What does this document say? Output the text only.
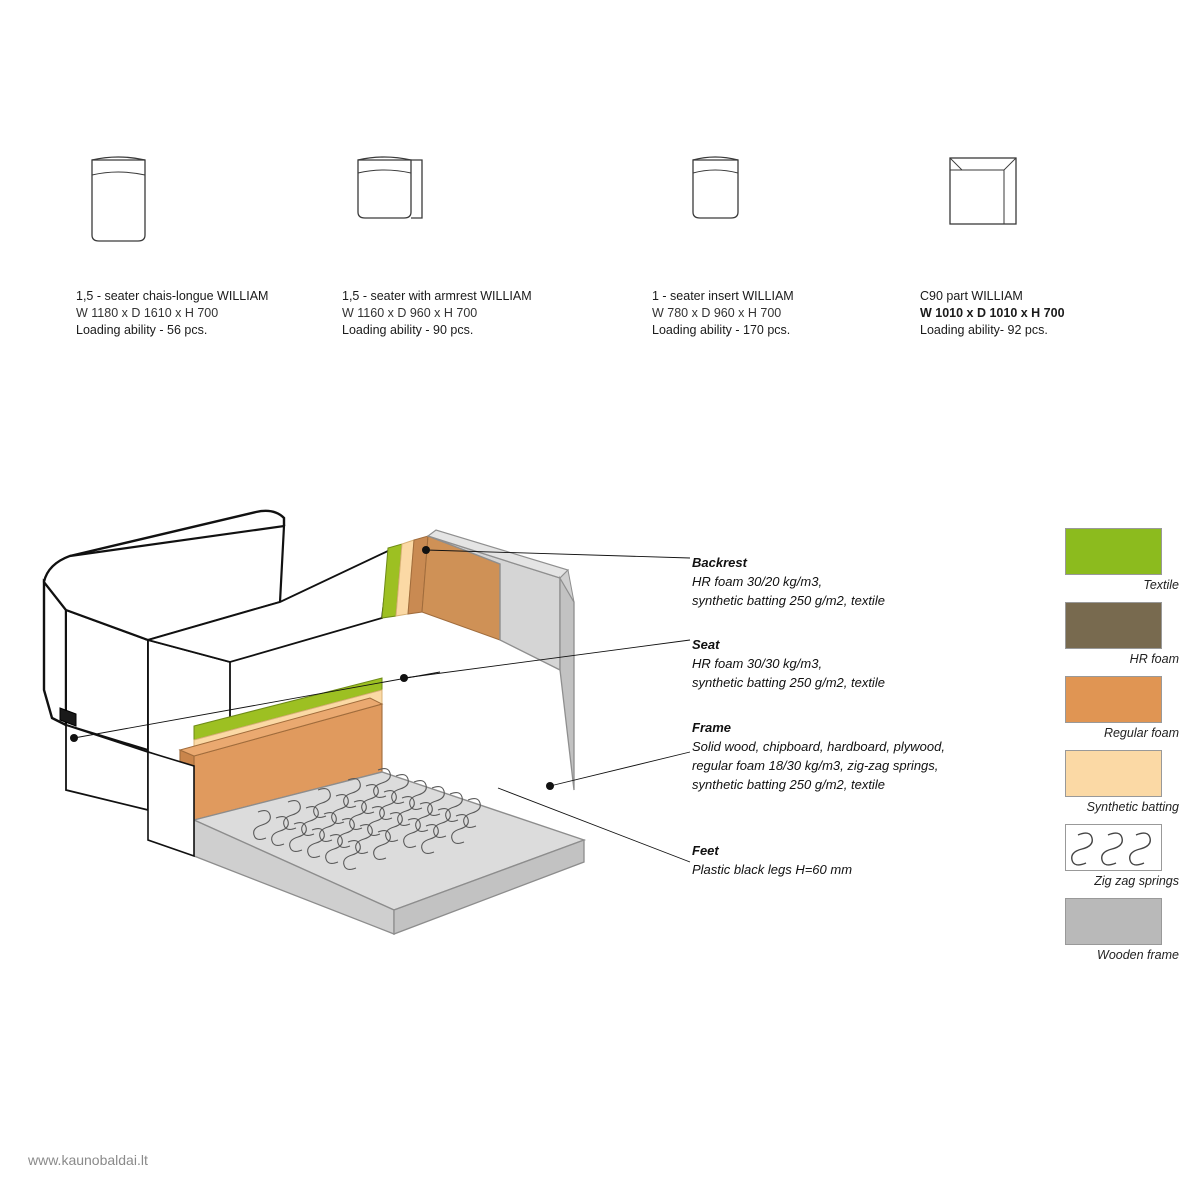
1,5 - seater chais-longue WILLIAM
W 1180 x D 1610 x H 700
Loading ability - 56 pcs.
1,5 - seater with armrest WILLIAM
W 1160 x D 960 x H 700
Loading ability - 90 pcs.
1 - seater insert WILLIAM
W 780 x D 960 x H 700
Loading ability - 170 pcs.
C90 part WILLIAM
W 1010 x D 1010 x H 700
Loading ability- 92 pcs.
Backrest
HR foam 30/20 kg/m3,
synthetic batting 250 g/m2, textile
Seat
HR foam 30/30 kg/m3,
synthetic batting 250 g/m2, textile
Frame
Solid wood, chipboard, hardboard, plywood,
regular foam 18/30 kg/m3, zig-zag springs,
synthetic batting 250 g/m2, textile
Feet
Plastic black legs H=60 mm
Textile
HR foam
Regular foam
Synthetic batting
Zig zag springs
Wooden frame
www.kaunobaldai.lt
